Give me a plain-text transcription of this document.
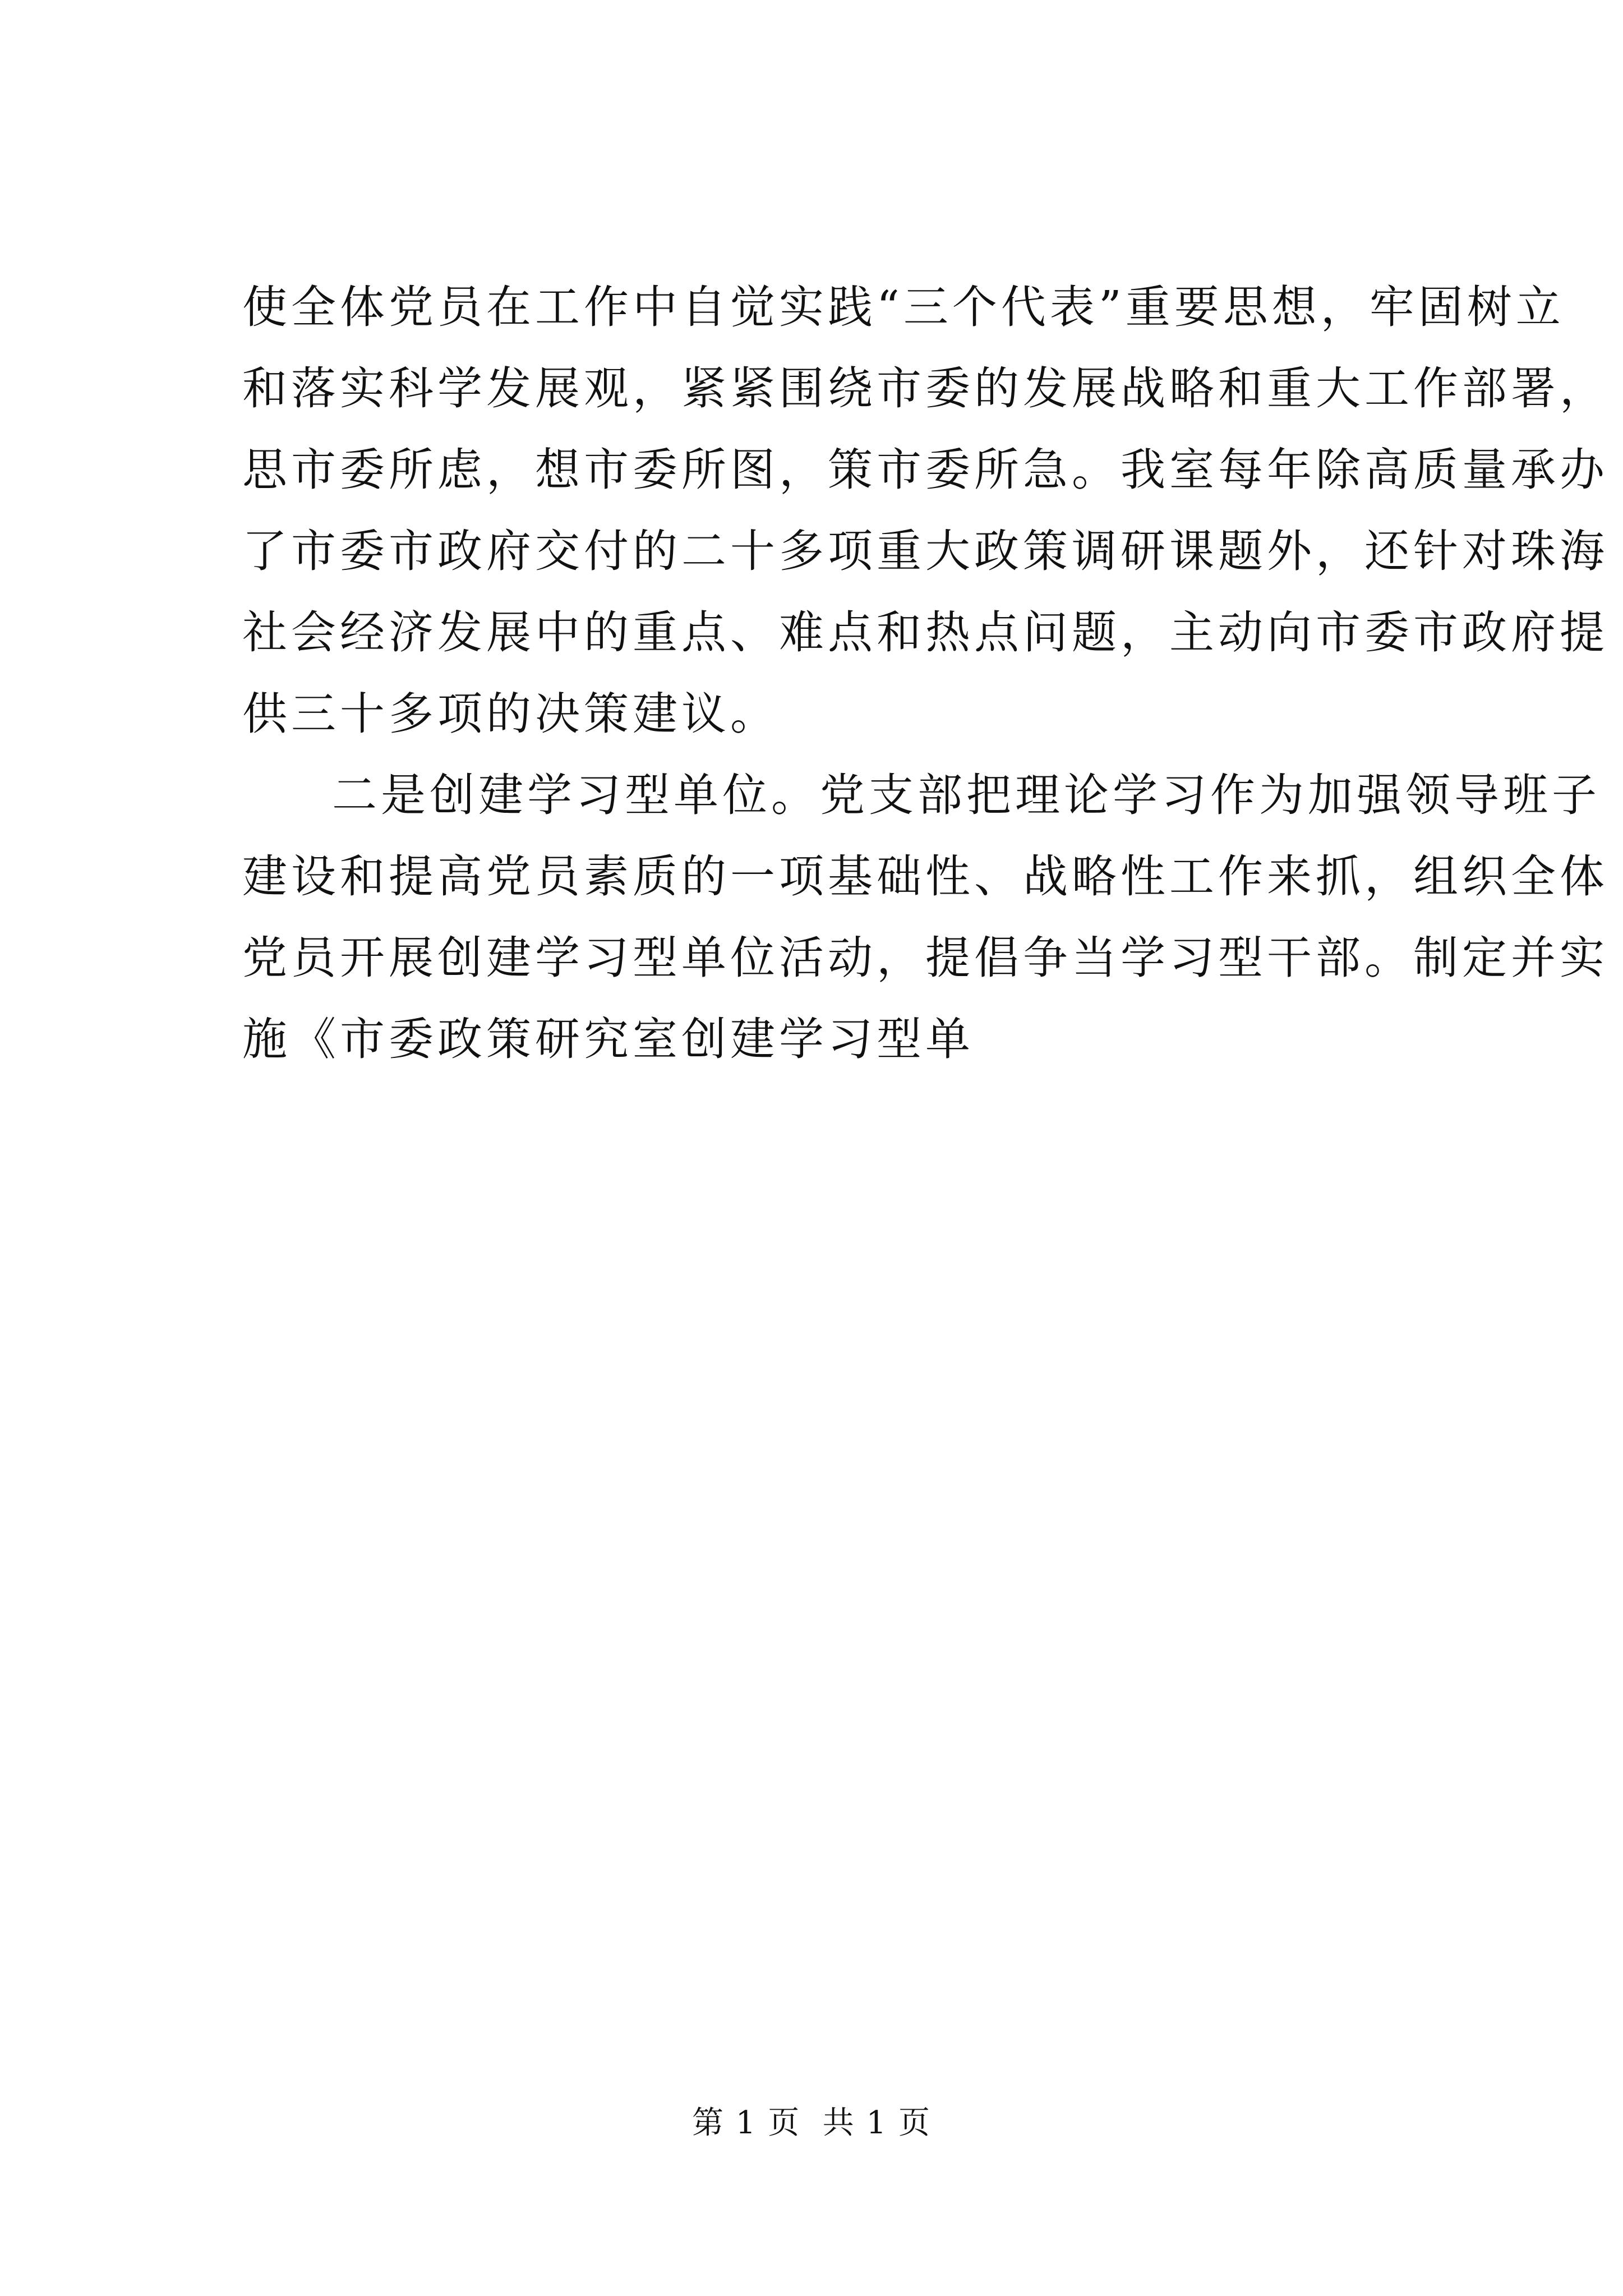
使全体党员在工作中自觉实践“三个代表”重要思想，牢固树立
和落实科学发展观，紧紧围绕市委的发展战略和重大工作部署，
思市委所虑，想市委所图，策市委所急。我室每年除高质量承办
了市委市政府交付的二十多项重大政策调研课题外，还针对珠海
社会经济发展中的重点、难点和热点问题，主动向市委市政府提
供三十多项的决策建议。
二是创建学习型单位。党支部把理论学习作为加强领导班子
建设和提高党员素质的一项基础性、战略性工作来抓，组织全体
党员开展创建学习型单位活动，提倡争当学习型干部。制定并实
施《市委政策研究室创建学习型单
第 1 页  共 1 页
